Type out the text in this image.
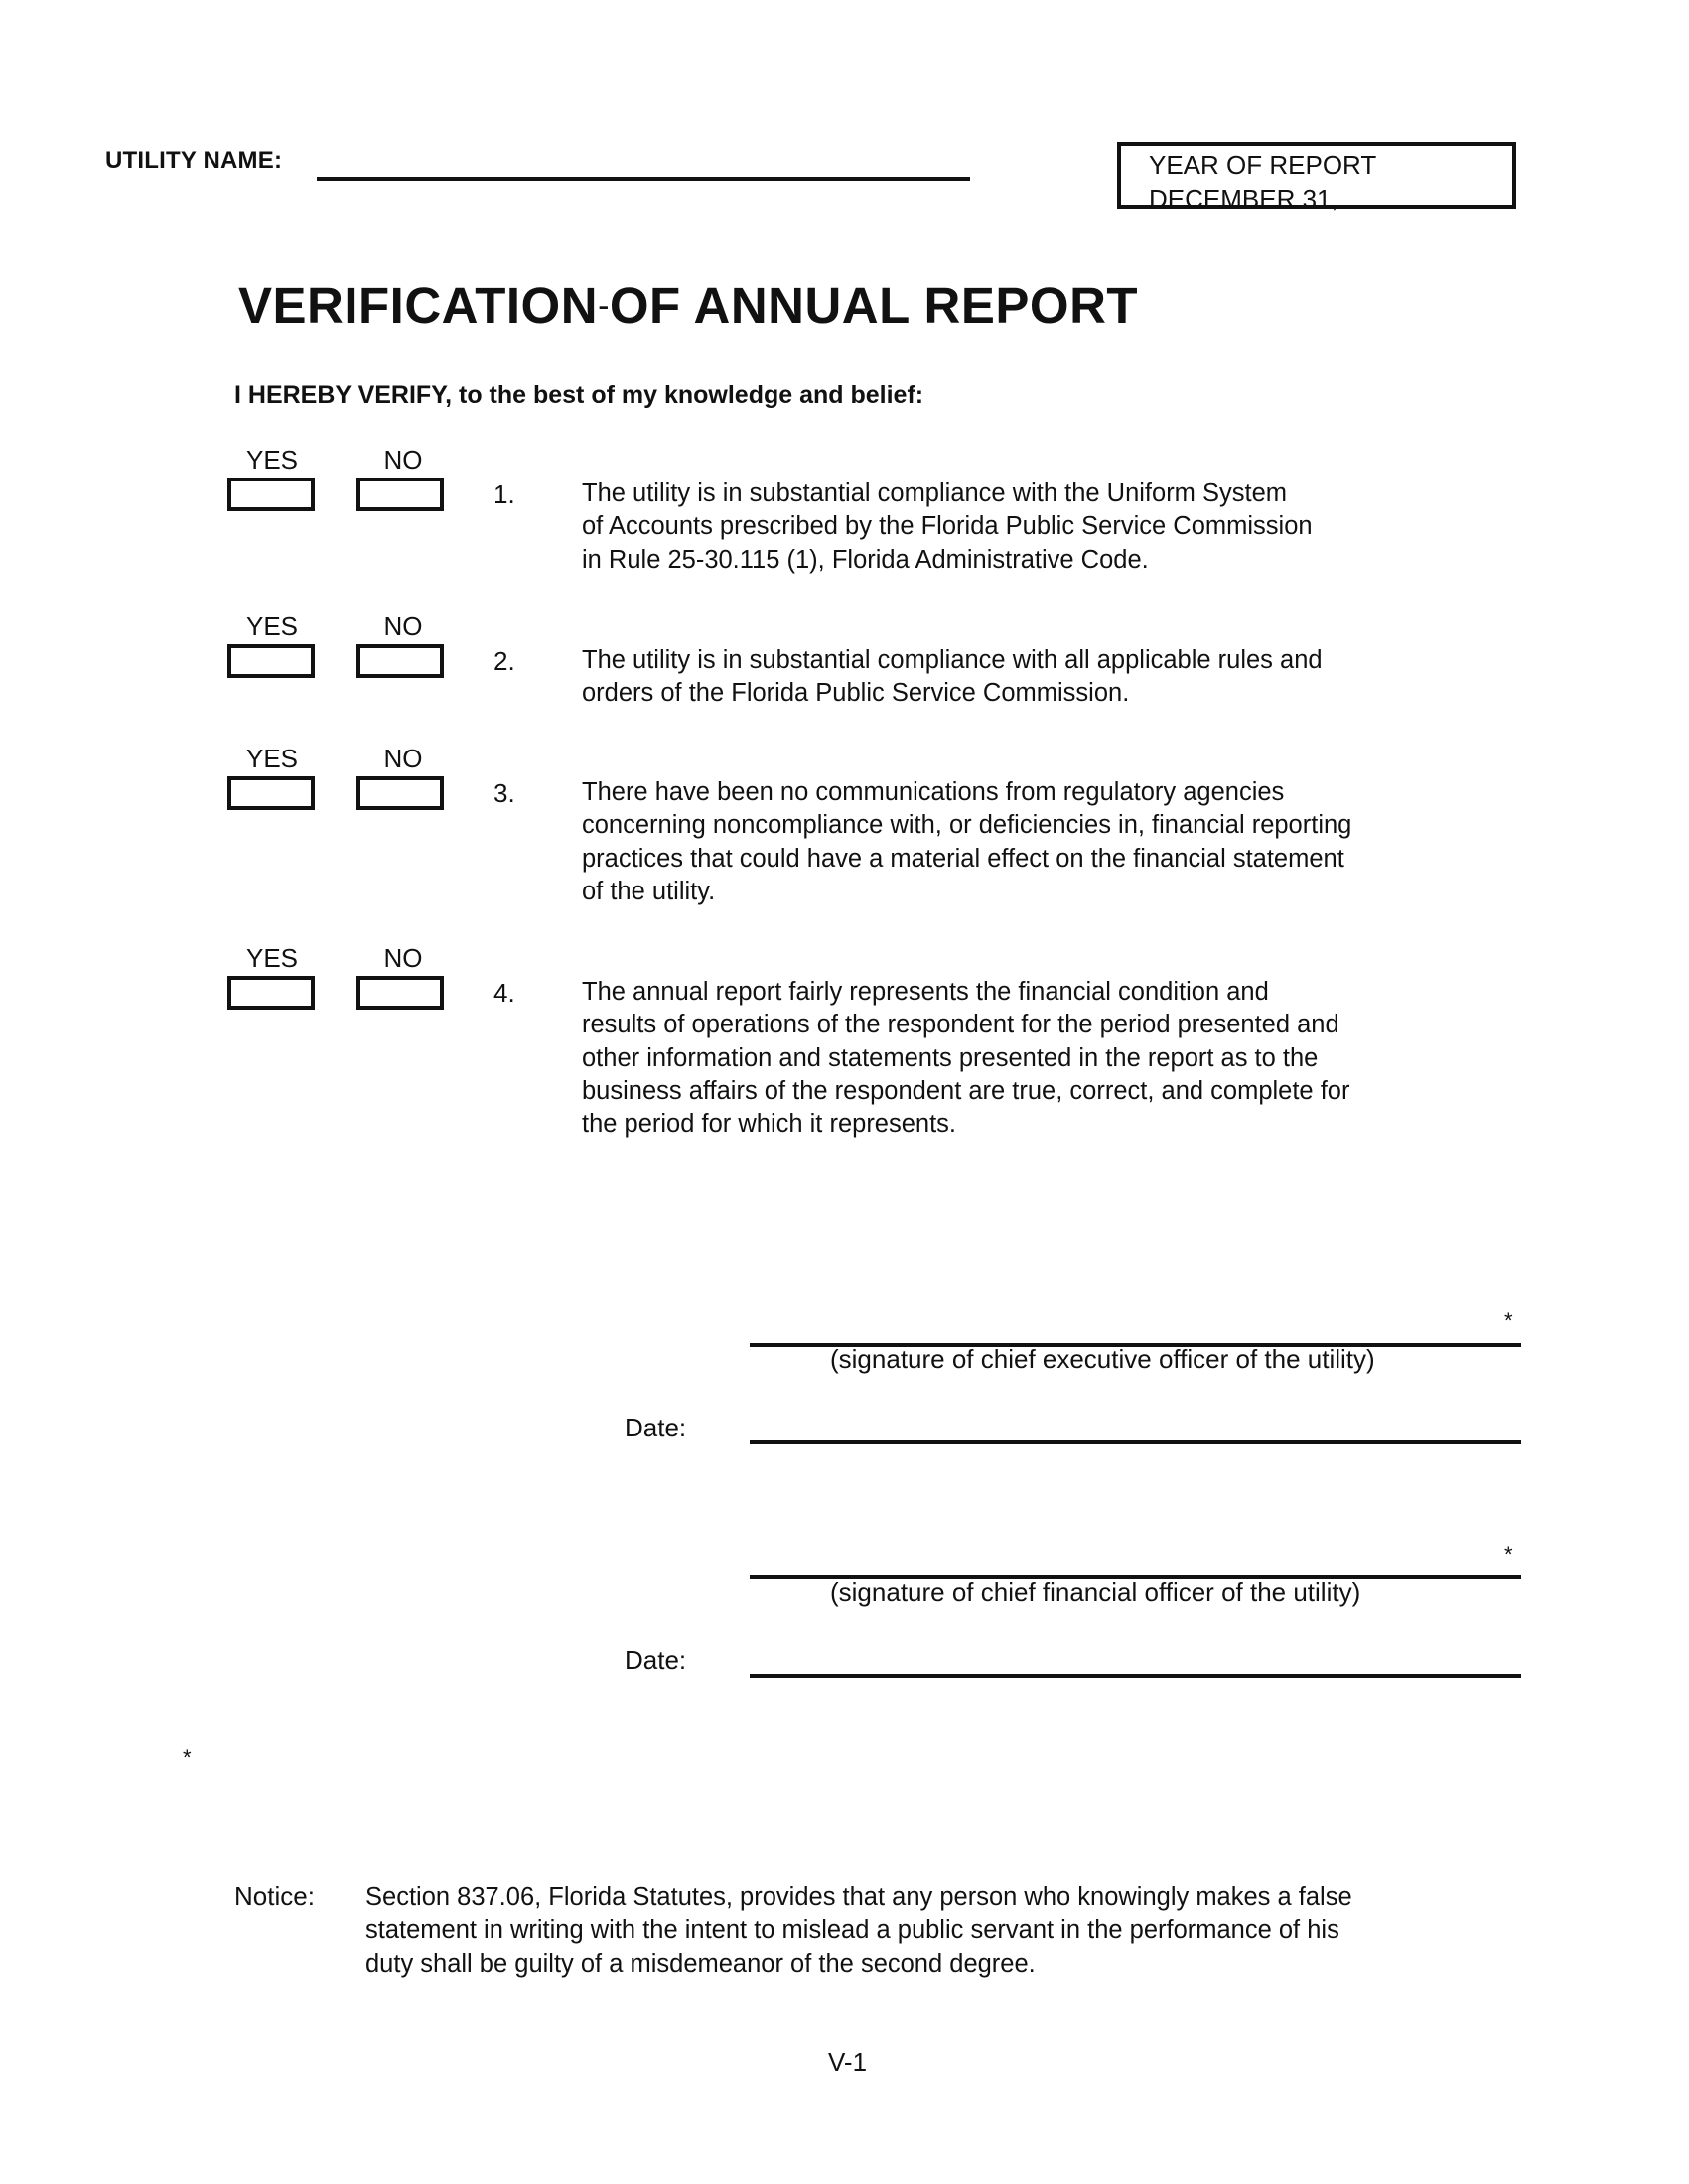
UTILITY NAME:	YEAR OF REPORT
DECEMBER 31,
VERIFICATION-OF ANNUAL REPORT
I HEREBY VERIFY, to the best of my knowledge and belief:
YES	NO
1.	The utility is in substantial compliance with the Uniform System
of Accounts prescribed by the Florida Public Service Commission
in Rule 25-30.115 (1), Florida Administrative Code.
YES	NO
2.	The utility is in substantial compliance with all applicable rules and
orders of the Florida Public Service Commission.
YES	NO
3.	There have been no communications from regulatory agencies
concerning noncompliance with, or deficiencies in, financial reporting
practices that could have a material effect on the financial statement
of the utility.
YES	NO
4.	The annual report fairly represents the financial condition and
results of operations of the respondent for the period presented and
other information and statements presented in the report as to the
business affairs of the respondent are true, correct, and complete for
the period for which it represents.
*
(signature of chief executive officer of the utility)
Date:
*
(signature of chief financial officer of the utility)
Date:
*
Notice: Section 837.06, Florida Statutes, provides that any person who knowingly makes a false
statement in writing with the intent to mislead a public servant in the performance of his
duty shall be guilty of a misdemeanor of the second degree.
V-1
